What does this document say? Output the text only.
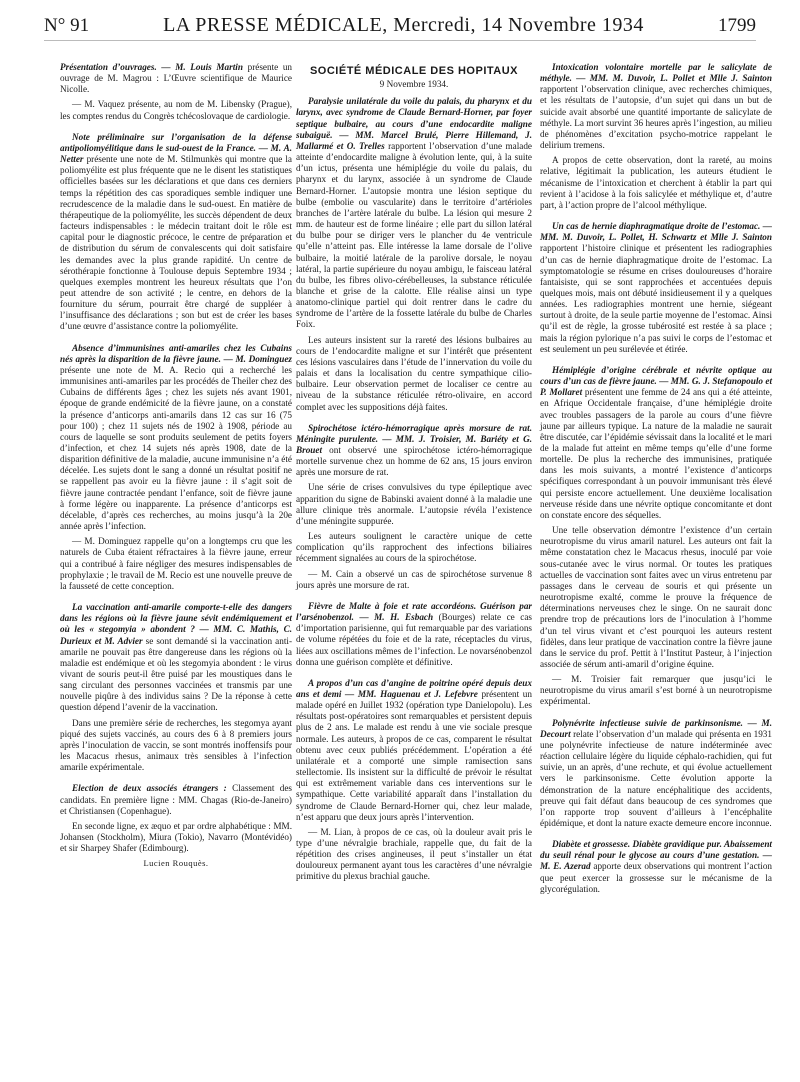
N° 91	LA PRESSE MÉDICALE, Mercredi, 14 Novembre 1934	1799

Présentation d’ouvrages. — M. Louis Martin présente un ouvrage de M. Magrou : L’Œuvre scientifique de Maurice Nicolle.

— M. Vaquez présente, au nom de M. Libensky (Prague), les comptes rendus du Congrès tchécoslovaque de cardiologie.

Note préliminaire sur l’organisation de la défense antipoliomyélitique dans le sud-ouest de la France. — M. A. Netter présente une note de M. Stilmunkès qui montre que la poliomyélite est plus fréquente que ne le disent les statistiques officielles basées sur les déclarations et que dans ces derniers temps la répétition des cas sporadiques semble indiquer une recrudescence de la maladie dans le sud-ouest. En matière de thérapeutique de la poliomyélite, les succès dépendent de deux facteurs indispensables : le médecin traitant doit le rôle est capital pour le diagnostic précoce, le centre de préparation et de distribution du sérum de convalescents qui doit satisfaire les demandes avec la plus grande rapidité. Un centre de sérothérapie fonctionne à Toulouse depuis Septembre 1934 ; quelques exemples montrent les heureux résultats que l’on peut attendre de son activité ; le centre, en dehors de la fourniture du sérum, pourrait être chargé de suppléer à l’insuffisance des déclarations ; son but est de créer les bases d’une œuvre d’assistance contre la poliomyélite.

Absence d’immunisines anti-amariles chez les Cubains nés après la disparition de la fièvre jaune. — M. Dominguez présente une note de M. A. Recio qui a recherché les immunisines anti-amariles par les procédés de Theiler chez des Cubains de différents âges ; chez les sujets nés avant 1901, époque de grande endémicité de la fièvre jaune, on a constaté la présence d’anticorps anti-amarils dans 12 cas sur 16 (75 pour 100) ; chez 11 sujets nés de 1902 à 1908, période au cours de laquelle se sont produits seulement de petits foyers d’infection, et chez 14 sujets nés après 1908, date de la disparition définitive de la maladie, aucune immunisine n’a été décelée. Les sujets dont le sang a donné un résultat positif ne se rappellent pas avoir eu la fièvre jaune : il s’agit soit de fièvre jaune contractée pendant l’enfance, soit de fièvre jaune à forme légère ou inapparente. La présence d’anticorps est décelable, d’après ces recherches, au moins jusqu’à la 20e année après l’infection.

— M. Dominguez rappelle qu’on a longtemps cru que les naturels de Cuba étaient réfractaires à la fièvre jaune, erreur qui a contribué à faire négliger des mesures indispensables de prophylaxie ; le travail de M. Recio est une nouvelle preuve de la fausseté de cette conception.

La vaccination anti-amarile comporte-t-elle des dangers dans les régions où la fièvre jaune sévit endémiquement et où les « stegomyia » abondent ? — MM. C. Mathis, C. Durieux et M. Advier se sont demandé si la vaccination anti-amarile ne pouvait pas être dangereuse dans les régions où la maladie est endémique et où les stegomyia abondent : le virus vivant de souris peut-il être puisé par les moustiques dans le sang circulant des personnes vaccinées et transmis par une nouvelle piqûre à des individus sains ? De la réponse à cette question dépend l’avenir de la vaccination.

Dans une première série de recherches, les stegomya ayant piqué des sujets vaccinés, au cours des 6 à 8 premiers jours après l’inoculation de vaccin, se sont montrés inoffensifs pour les Macacus rhesus, animaux très sensibles à l’infection amarile expérimentale.

Election de deux associés étrangers : Classement des candidats. En première ligne : MM. Chagas (Rio-de-Janeiro) et Christiansen (Copenhague).

En seconde ligne, ex æquo et par ordre alphabétique : MM. Johansen (Stockholm), Miura (Tokio), Navarro (Montévidéo) et sir Sharpey Shafer (Edimbourg).

Lucien Rouquès.
SOCIÉTÉ MÉDICALE DES HOPITAUX
9 Novembre 1934.

Paralysie unilatérale du voile du palais, du pharynx et du larynx, avec syndrome de Claude Bernard-Horner, par foyer septique bulbaire, au cours d’une endocardite maligne subaiguë. — MM. Marcel Brulé, Pierre Hillemand, J. Mallarmé et O. Trelles rapportent l’observation d’une malade atteinte d’endocardite maligne à évolution lente, qui, à la suite d’un ictus, présenta une hémiplégie du voile du palais, du pharynx et du larynx, associée à un syndrome de Claude Bernard-Horner. L’autopsie montra une lésion septique du bulbe (embolie ou vascularite) dans le territoire d’artérioles branches de l’artère latérale du bulbe. La lésion qui mesure 2 mm. de hauteur est de forme linéaire ; elle part du sillon latéral du bulbe pour se diriger vers le plancher du 4e ventricule qu’elle n’atteint pas. Elle intéresse la lame dorsale de l’olive bulbaire, la moitié latérale de la parolive dorsale, le noyau latéral, la partie supérieure du noyau ambigu, le faisceau latéral du bulbe, les fibres olivo-cérébelleuses, la substance réticulée blanche et grise de la calotte. Elle réalise ainsi un type anatomo-clinique partiel qui doit rentrer dans le cadre du syndrome de l’artère de la fossette latérale du bulbe de Charles Foix.

Les auteurs insistent sur la rareté des lésions bulbaires au cours de l’endocardite maligne et sur l’intérêt que présentent ces lésions vasculaires dans l’étude de l’innervation du voile du palais et dans la localisation du centre sympathique cilio-bulbaire. Leur observation permet de localiser ce centre au niveau de la substance réticulée rétro-olivaire, en accord complet avec les suppositions déjà faites.

Spirochétose ictéro-hémorragique après morsure de rat. Méningite purulente. — MM. J. Troisier, M. Bariéty et G. Brouet ont observé une spirochétose ictéro-hémorragique mortelle survenue chez un homme de 62 ans, 15 jours environ après une morsure de rat.

Une série de crises convulsives du type épileptique avec apparition du signe de Babinski avaient donné à la maladie une allure clinique très anormale. L’autopsie révéla l’existence d’une méningite suppurée.

Les auteurs soulignent le caractère unique de cette complication qu’ils rapprochent des infections biliaires récemment signalées au cours de la spirochétose.

— M. Cain a observé un cas de spirochétose survenue 8 jours après une morsure de rat.

Fièvre de Malte à foie et rate accordéons. Guérison par l’arsénobenzol. — M. H. Esbach (Bourges) relate ce cas d’importation parisienne, qui fut remarquable par des variations de volume répétées du foie et de la rate, réceptacles du virus, liées aux oscillations mêmes de l’infection. Le novarsénobenzol donna une guérison complète et définitive.

A propos d’un cas d’angine de poitrine opéré depuis deux ans et demi — MM. Haguenau et J. Lefebvre présentent un malade opéré en Juillet 1932 (opération type Danielopolu). Les résultats post-opératoires sont remarquables et persistent depuis plus de 2 ans. Le malade est rendu à une vie sociale presque normale. Les auteurs, à propos de ce cas, comparent le résultat obtenu avec ceux publiés précédemment. L’opération a été unilatérale et a comporté une simple ramisection sans stellectomie. Ils insistent sur la difficulté de prévoir le résultat qui est extrêmement variable dans ces interventions sur le sympathique. Cette variabilité apparaît dans l’installation du syndrome de Claude Bernard-Horner qui, chez leur malade, n’est apparu que deux jours après l’intervention.

— M. Lian, à propos de ce cas, où la douleur avait pris le type d’une névralgie brachiale, rappelle que, du fait de la répétition des crises angineuses, il peut s’installer un état douloureux permanent ayant tous les caractères d’une névralgie primitive du plexus brachial gauche.

Intoxication volontaire mortelle par le salicylate de méthyle. — MM. M. Duvoir, L. Pollet et Mlle J. Sainton rapportent l’observation clinique, avec recherches chimiques, et les résultats de l’autopsie, d’un sujet qui dans un but de suicide avait absorbé une quantité importante de salicylate de méthyle. La mort survint 36 heures après l’ingestion, au milieu de phénomènes d’excitation psycho-motrice rappelant le delirium tremens.

A propos de cette observation, dont la rareté, au moins relative, légitimait la publication, les auteurs étudient le mécanisme de l’intoxication et cherchent à établir la part qui revient à l’acidose à la fois salicylée et méthylique et, d’autre part, à l’action propre de l’alcool méthylique.

Un cas de hernie diaphragmatique droite de l’estomac. — MM. M. Duvoir, L. Pollet, H. Schwartz et Mlle J. Sainton rapportent l’histoire clinique et présentent les radiographies d’un cas de hernie diaphragmatique droite de l’estomac. La symptomatologie se résume en crises douloureuses d’horaire fantaisiste, qui se sont rapprochées et accentuées depuis quelques mois, mais ont débuté insidieusement il y a quelques années. Les radiographies montrent une hernie, siégeant surtout à droite, de la seule partie moyenne de l’estomac. Ainsi qu’il est de règle, la grosse tubérosité est restée à sa place ; mais la région pylorique n’a pas suivi le corps de l’estomac et est seulement un peu surélevée et étirée.

Hémiplégie d’origine cérébrale et névrite optique au cours d’un cas de fièvre jaune. — MM. G. J. Stefanopoulo et P. Mollaret présentent une femme de 24 ans qui a été atteinte, en Afrique Occidentale française, d’une hémiplégie droite avec troubles passagers de la parole au cours d’une fièvre jaune par ailleurs typique. La nature de la maladie ne saurait être discutée, car l’épidémie sévissait dans la localité et le mari de la malade fut atteint en même temps qu’elle d’une forme mortelle. De plus la recherche des immunisines, pratiquée dans les mois suivants, a montré l’existence d’anticorps spécifiques correspondant à un pouvoir immunisant très élevé qui persiste encore actuellement. Une deuxième localisation nerveuse réside dans une névrite optique concomitante et dont on constate encore des séquelles.

Une telle observation démontre l’existence d’un certain neurotropisme du virus amaril naturel. Les auteurs ont fait la même constatation chez le Macacus rhesus, inoculé par voie sous-cutanée avec le virus normal. Or toutes les pratiques actuelles de vaccination sont faites avec un virus entretenu par passages dans le cerveau de souris et qui présente un neurotropisme exalté, comme le prouve la fréquence de déterminations nerveuses chez le singe. On ne saurait donc prendre trop de précautions lors de l’inoculation à l’homme d’un tel virus vivant et c’est pourquoi les auteurs restent fidèles, dans leur pratique de vaccination contre la fièvre jaune dans le service du prof. Pettit à l’Institut Pasteur, à l’injection associée de sérum anti-amaril d’origine équine.

— M. Troisier fait remarquer que jusqu’ici le neurotropisme du virus amaril s’est borné à un neurotropisme expérimental.

Polynévrite infectieuse suivie de parkinsonisme. — M. Decourt relate l’observation d’un malade qui présenta en 1931 une polynévrite infectieuse de nature indéterminée avec réaction cellulaire légère du liquide céphalo-rachidien, qui fut suivie, un an après, d’une rechute, et qui évolue actuellement vers le parkinsonisme. Cette évolution apporte la démonstration de la nature encéphalitique des accidents, preuve qui fait défaut dans beaucoup de ces syndromes que l’on rapporte trop souvent d’ailleurs à l’encéphalite épidémique, et dont la nature exacte demeure encore inconnue.

Diabète et grossesse. Diabète gravidique pur. Abaissement du seuil rénal pour le glycose au cours d’une gestation. — M. E. Azerad apporte deux observations qui montrent l’action que peut exercer la grossesse sur le mécanisme de la glycorégulation.
